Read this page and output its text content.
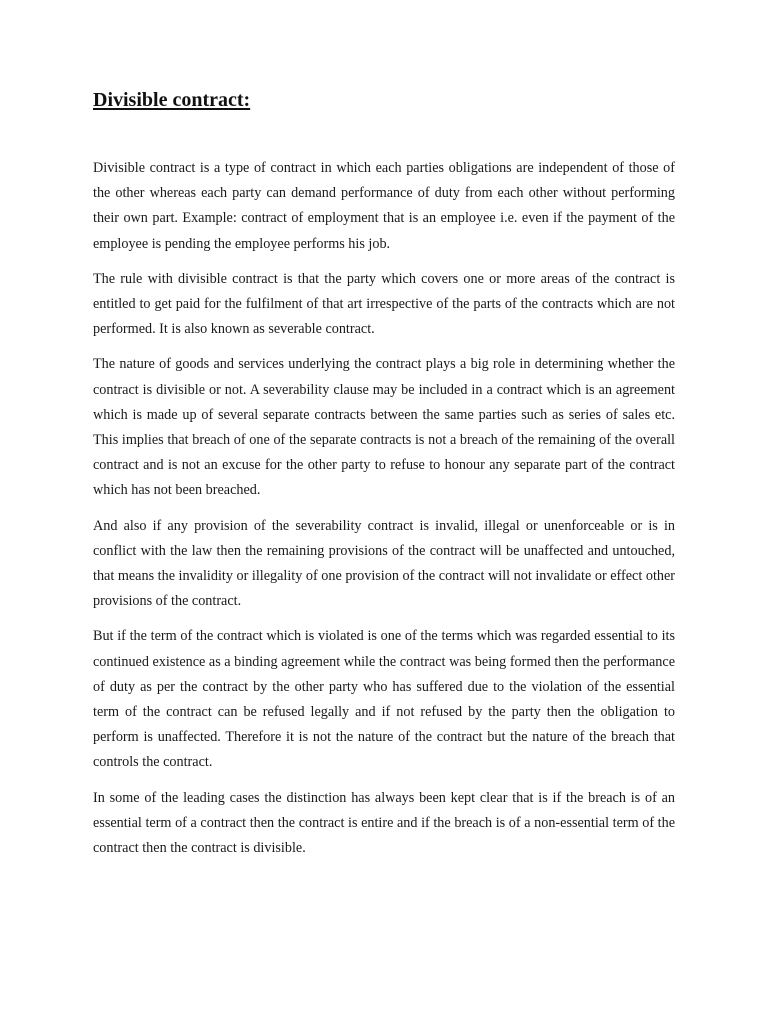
Divisible contract:

Divisible contract is a type of contract in which each parties obligations are independent of those of the other whereas each party can demand performance of duty from each other without performing their own part. Example: contract of employment that is an employee i.e. even if the payment of the employee is pending the employee performs his job.

The rule with divisible contract is that the party which covers one or more areas of the contract is entitled to get paid for the fulfilment of that art irrespective of the parts of the contracts which are not performed. It is also known as severable contract.

The nature of goods and services underlying the contract plays a big role in determining whether the contract is divisible or not. A severability clause may be included in a contract which is an agreement which is made up of several separate contracts between the same parties such as series of sales etc. This implies that breach of one of the separate contracts is not a breach of the remaining of the overall contract and is not an excuse for the other party to refuse to honour any separate part of the contract which has not been breached.

And also if any provision of the severability contract is invalid, illegal or unenforceable or is in conflict with the law then the remaining provisions of the contract will be unaffected and untouched, that means the invalidity or illegality of one provision of the contract will not invalidate or effect other provisions of the contract.

But if the term of the contract which is violated is one of the terms which was regarded essential to its continued existence as a binding agreement while the contract was being formed then the performance of duty as per the contract by the other party who has suffered due to the violation of the essential term of the contract can be refused legally and if not refused by the party then the obligation to perform is unaffected. Therefore it is not the nature of the contract but the nature of the breach that controls the contract.

In some of the leading cases the distinction has always been kept clear that is if the breach is of an essential term of a contract then the contract is entire and if the breach is of a non-essential term of the contract then the contract is divisible.
